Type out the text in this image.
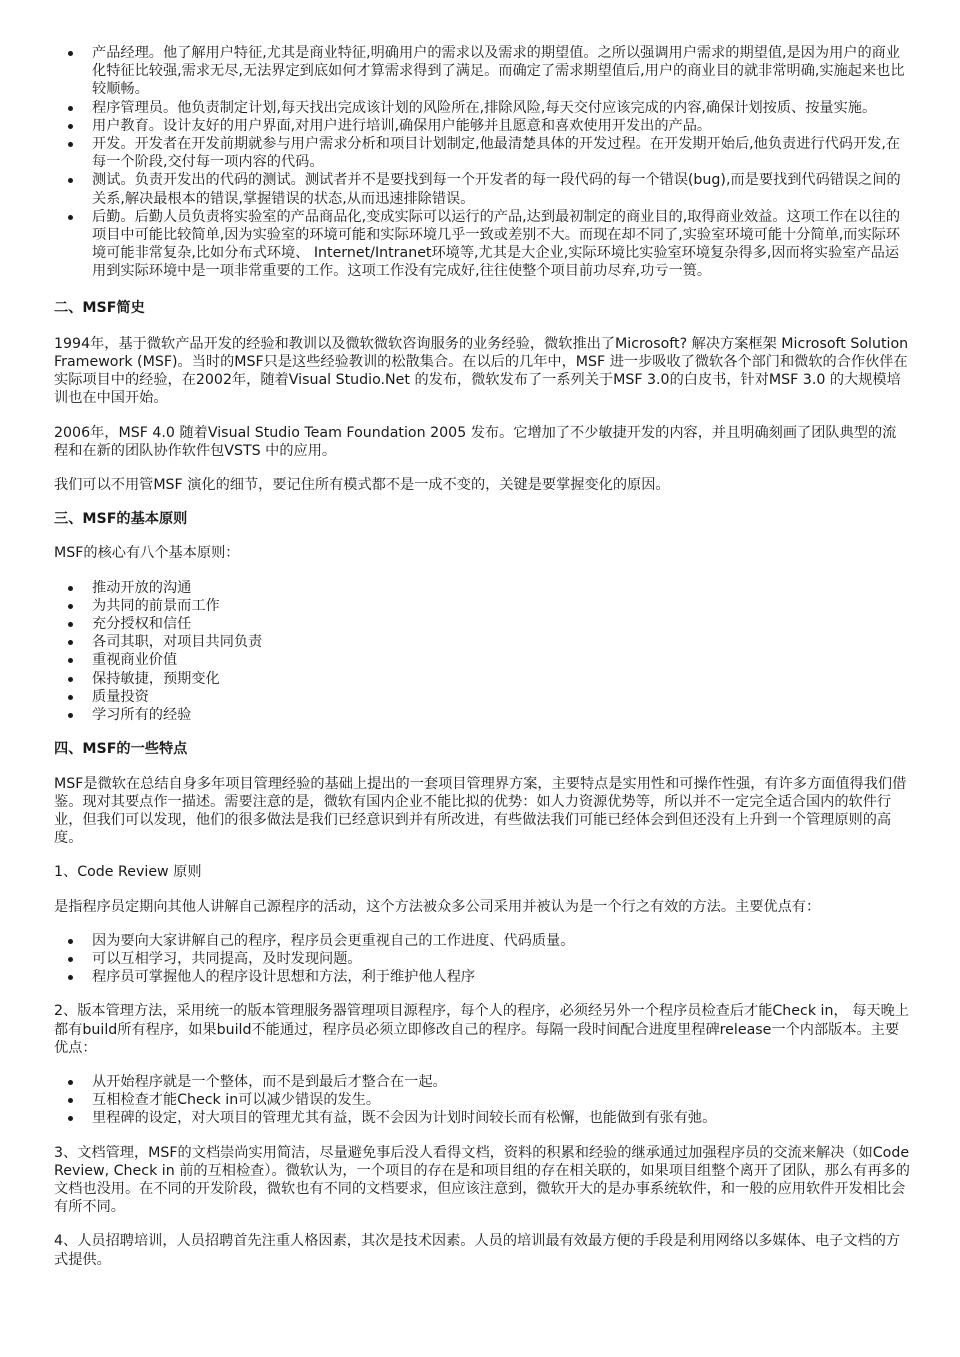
产品经理。他了解用户特征,尤其是商业特征,明确用户的需求以及需求的期望值。之所以强调用户需求的期望值,是因为用户的商业化特征比较强,需求无尽,无法界定到底如何才算需求得到了满足。而确定了需求期望值后,用户的商业目的就非常明确,实施起来也比较顺畅。
程序管理员。他负责制定计划,每天找出完成该计划的风险所在,排除风险,每天交付应该完成的内容,确保计划按质、按量实施。
用户教育。设计友好的用户界面,对用户进行培训,确保用户能够并且愿意和喜欢使用开发出的产品。
开发。开发者在开发前期就参与用户需求分析和项目计划制定,他最清楚具体的开发过程。在开发期开始后,他负责进行代码开发,在每一个阶段,交付每一项内容的代码。
测试。负责开发出的代码的测试。测试者并不是要找到每一个开发者的每一段代码的每一个错误(bug),而是要找到代码错误之间的关系,解决最根本的错误,掌握错误的状态,从而迅速排除错误。
后勤。后勤人员负责将实验室的产品商品化,变成实际可以运行的产品,达到最初制定的商业目的,取得商业效益。这项工作在以往的项目中可能比较简单,因为实验室的环境可能和实际环境几乎一致或差别不大。而现在却不同了,实验室环境可能十分简单,而实际环境可能非常复杂,比如分布式环境、 Internet/Intranet环境等,尤其是大企业,实际环境比实验室环境复杂得多,因而将实验室产品运用到实际环境中是一项非常重要的工作。这项工作没有完成好,往往使整个项目前功尽弃,功亏一篑。
二、MSF简史

1994年，基于微软产品开发的经验和教训以及微软微软咨询服务的业务经验，微软推出了Microsoft? 解决方案框架 Microsoft Solution Framework (MSF)。当时的MSF只是这些经验教训的松散集合。在以后的几年中，MSF 进一步吸收了微软各个部门和微软的合作伙伴在实际项目中的经验，在2002年，随着Visual Studio.Net 的发布，微软发布了一系列关于MSF 3.0的白皮书，针对MSF 3.0 的大规模培训也在中国开始。

2006年，MSF 4.0 随着Visual Studio Team Foundation 2005 发布。它增加了不少敏捷开发的内容，并且明确刻画了团队典型的流程和在新的团队协作软件包VSTS 中的应用。

我们可以不用管MSF 演化的细节，要记住所有模式都不是一成不变的，关键是要掌握变化的原因。

三、MSF的基本原则

MSF的核心有八个基本原则：

推动开放的沟通
为共同的前景而工作
充分授权和信任
各司其职，对项目共同负责
重视商业价值
保持敏捷，预期变化
质量投资
学习所有的经验
四、MSF的一些特点

MSF是微软在总结自身多年项目管理经验的基础上提出的一套项目管理界方案，主要特点是实用性和可操作性强，有许多方面值得我们借鉴。现对其要点作一描述。需要注意的是，微软有国内企业不能比拟的优势：如人力资源优势等，所以并不一定完全适合国内的软件行业，但我们可以发现，他们的很多做法是我们已经意识到并有所改进，有些做法我们可能已经体会到但还没有上升到一个管理原则的高度。

1、Code Review 原则

是指程序员定期向其他人讲解自己源程序的活动，这个方法被众多公司采用并被认为是一个行之有效的方法。主要优点有：

因为要向大家讲解自己的程序，程序员会更重视自己的工作进度、代码质量。
可以互相学习，共同提高，及时发现问题。
程序员可掌握他人的程序设计思想和方法，利于维护他人程序

2、版本管理方法，采用统一的版本管理服务器管理项目源程序，每个人的程序，必须经另外一个程序员检查后才能Check in， 每天晚上都有build所有程序，如果build不能通过，程序员必须立即修改自己的程序。每隔一段时间配合进度里程碑release一个内部版本。主要优点：

从开始程序就是一个整体，而不是到最后才整合在一起。
互相检查才能Check in可以减少错误的发生。
里程碑的设定，对大项目的管理尤其有益，既不会因为计划时间较长而有松懈，也能做到有张有弛。

3、文档管理，MSF的文档崇尚实用简洁，尽量避免事后没人看得文档，资料的积累和经验的继承通过加强程序员的交流来解决（如Code Review, Check in 前的互相检查）。微软认为，一个项目的存在是和项目组的存在相关联的，如果项目组整个离开了团队，那么有再多的文档也没用。在不同的开发阶段，微软也有不同的文档要求，但应该注意到，微软开大的是办事系统软件，和一般的应用软件开发相比会有所不同。

4、人员招聘培训，人员招聘首先注重人格因素，其次是技术因素。人员的培训最有效最方便的手段是利用网络以多媒体、电子文档的方式提供。
